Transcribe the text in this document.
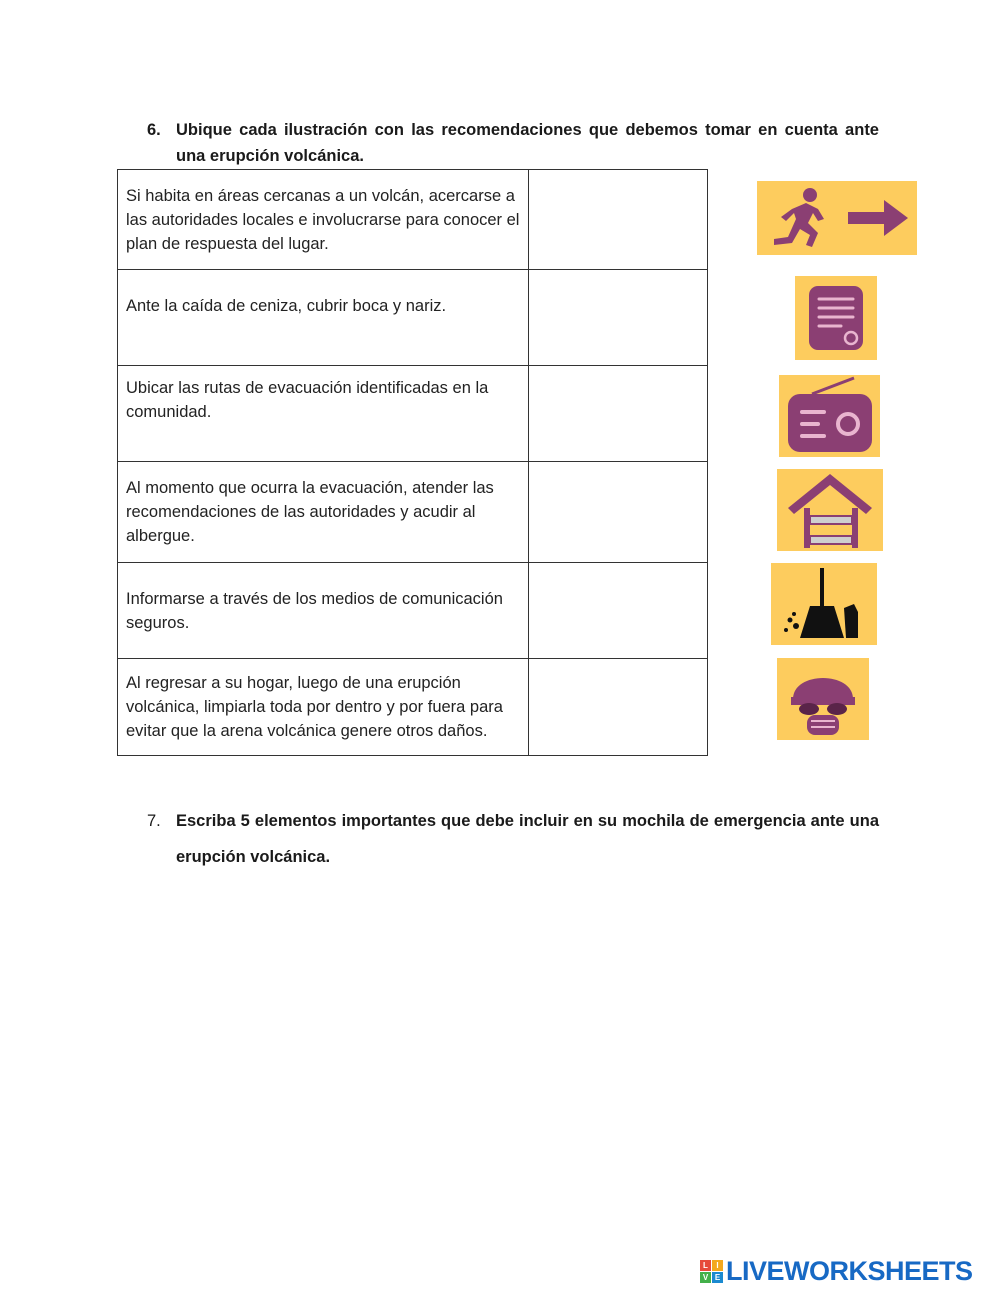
6. Ubique cada ilustración con las recomendaciones que debemos tomar en cuenta ante una erupción volcánica.
Si habita en áreas cercanas a un volcán, acercarse a las autoridades locales e involucrarse para conocer el plan de respuesta del lugar.	
Ante la caída de ceniza, cubrir boca y nariz.	
Ubicar las rutas de evacuación identificadas en la comunidad.	
Al momento que ocurra la evacuación, atender las recomendaciones de las autoridades y acudir al albergue.	
Informarse a través de los medios de comunicación seguros.	
Al regresar a su hogar, luego de una erupción volcánica, limpiarla toda por dentro y por fuera para evitar que la arena volcánica genere otros daños.	
7. Escriba 5 elementos importantes que debe incluir en su mochila de emergencia ante una erupción volcánica.
L	I
V E LIVEWORKSHEETS
